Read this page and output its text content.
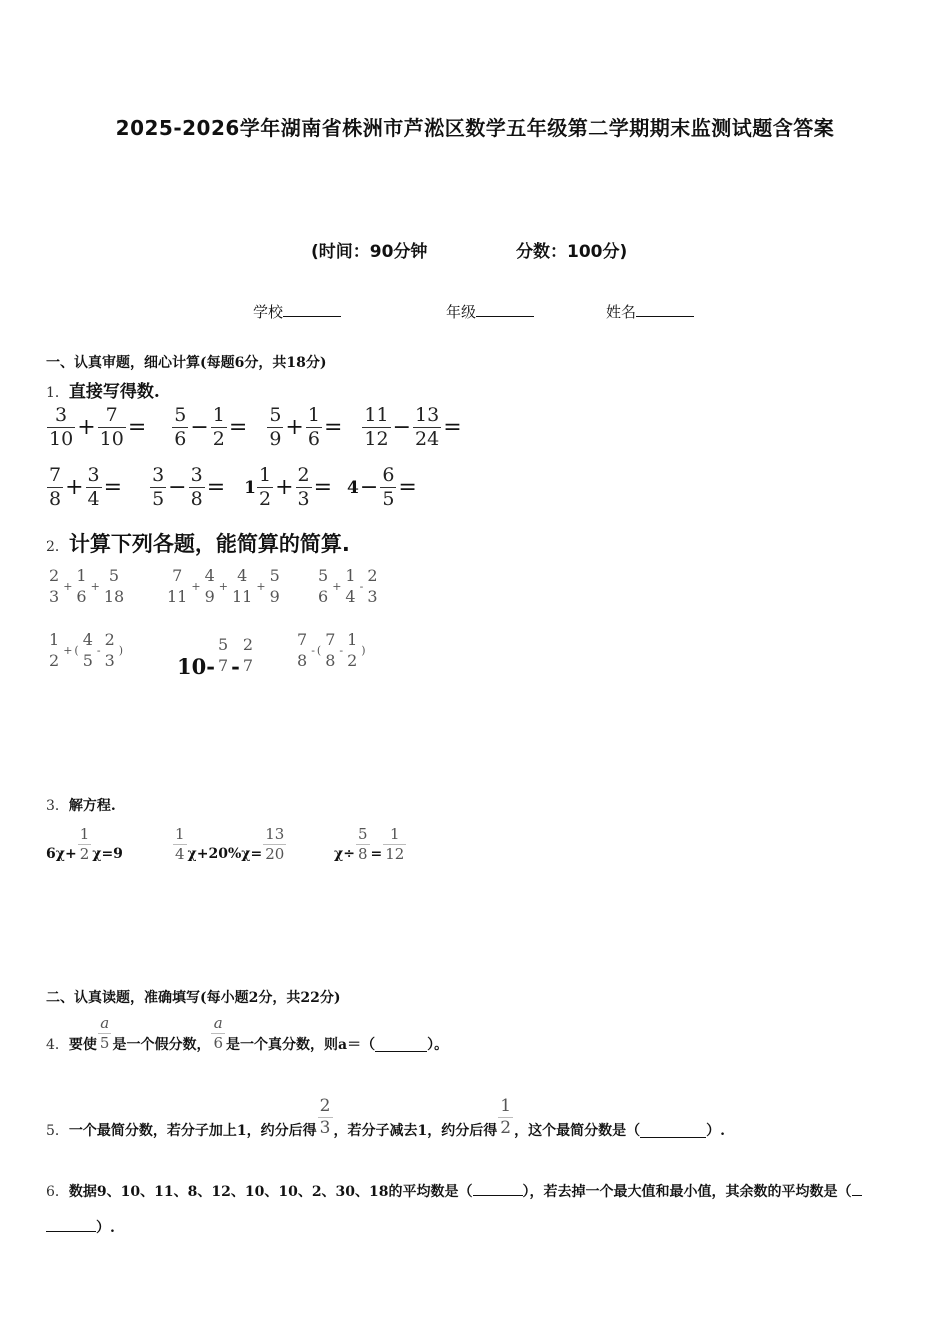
2025-2026学年湖南省株洲市芦淞区数学五年级第二学期期末监测试题含答案
(时间：90分钟	分数：100分)
学校	年级	姓名
一、认真审题，细心计算(每题6分，共18分)
1．直接写得数.
$\frac{3}{10} + \frac{7}{10} = \frac{5}{6} - \frac{1}{2} = \frac{5}{9} + \frac{1}{6} = \frac{11}{12} - \frac{13}{24}$ =
$\frac{7}{8} + \frac{3}{4} = \frac{3}{5} - \frac{3}{8} = 1 \frac{1}{2} + \frac{2}{3} = 4 - \frac{6}{5}$ =
2．计算下列各题，能简算的简算.
2
3
+
1
6
+
5
18
7
11
+
4
9
+
4
11
+
5
9
5
6
+
1
4
-
2
3
1
2
+ (
4
5
-
2
3
)
10-
5
7 -
2
7
7
8
- (
7
8
-
1
2
)
3．解方程.
$6\chi+ \frac{1}{2} \chi=9$	$\frac{1}{4} \chi+20\%\chi= \frac{13}{20}$	$\chi\div \frac{5}{8} = \frac{1}{12}$
二、认真读题，准确填写(每小题2分，共22分)
4． 要使 $\frac{a}{5}$ 是一个假分数， $\frac{a}{6}$ 是一个真分数，则a＝（	）。
5． 一个最简分数，若分子加上1，约分后得 $\frac{2}{3}$ ，若分子减去1，约分后得 $\frac{1}{2}$ ，这个最简分数是（	）.
6．数据9、10、11、8、12、10、10、2、30、18的平均数是（	），若去掉一个最大值和最小值，其余数的平均数是（
）.
